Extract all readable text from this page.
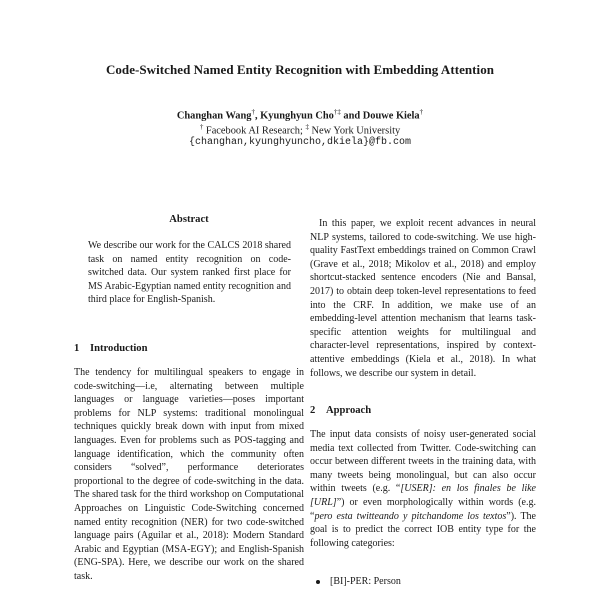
Code-Switched Named Entity Recognition with Embedding Attention
Changhan Wang†, Kyunghyun Cho†‡ and Douwe Kiela†
† Facebook AI Research; ‡ New York University
{changhan,kyunghyuncho,dkiela}@fb.com
Abstract
We describe our work for the CALCS 2018 shared task on named entity recognition on code-switched data. Our system ranked first place for MS Arabic-Egyptian named entity recognition and third place for English-Spanish.
1 Introduction
The tendency for multilingual speakers to engage in code-switching—i.e, alternating between multiple languages or language varieties—poses important problems for NLP systems: traditional monolingual techniques quickly break down with input from mixed languages. Even for problems such as POS-tagging and language identification, which the community often considers “solved”, performance deteriorates proportional to the degree of code-switching in the data. The shared task for the third workshop on Computational Approaches on Linguistic Code-Switching concerned named entity recognition (NER) for two code-switched language pairs (Aguilar et al., 2018): Modern Standard Arabic and Egyptian (MSA-EGY); and English-Spanish (ENG-SPA). Here, we describe our work on the shared task.
In this paper, we exploit recent advances in neural NLP systems, tailored to code-switching. We use high-quality FastText embeddings trained on Common Crawl (Grave et al., 2018; Mikolov et al., 2018) and employ shortcut-stacked sentence encoders (Nie and Bansal, 2017) to obtain deep token-level representations to feed into the CRF. In addition, we make use of an embedding-level attention mechanism that learns task-specific attention weights for multilingual and character-level representations, inspired by context-attentive embeddings (Kiela et al., 2018). In what follows, we describe our system in detail.
2 Approach
The input data consists of noisy user-generated social media text collected from Twitter. Code-switching can occur between different tweets in the training data, with many tweets being monolingual, but can also occur within tweets (e.g. “[USER]: en los finales be like [URL]”) or even morphologically within words (e.g. “pero esta twitteando y pitchandome los textos”). The goal is to predict the correct IOB entity type for the following categories:
[BI]-PER: Person
